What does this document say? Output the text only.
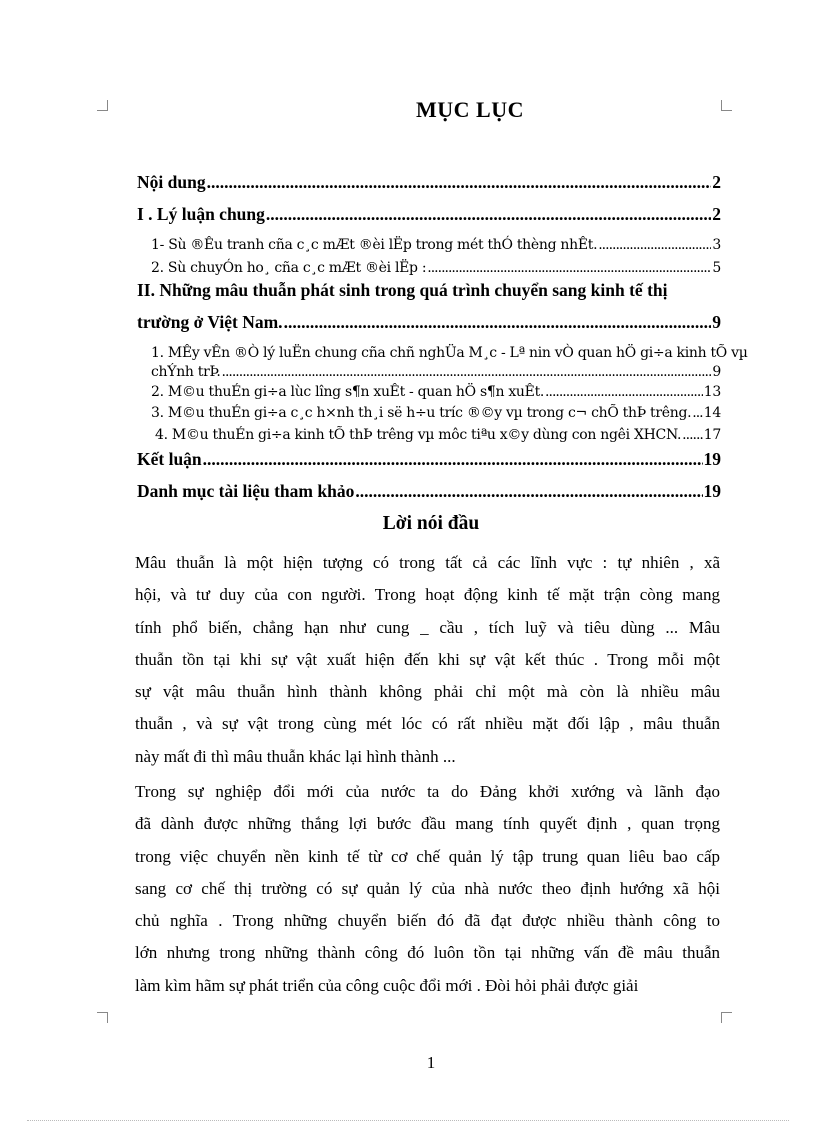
MỤC LỤC
Nội dung .....	2
I . Lý luận chung .....	2
1- Sù ®Êu tranh cña c¸c mÆt ®èi lËp trong mét thÓ thèng nhÊt. .....	3
2. Sù chuyÓn ho¸ cña c¸c mÆt ®èi lËp : .....	5
II. Những mâu thuẫn phát sinh trong quá trình chuyển sang kinh tế thị
trường ở Việt Nam. .....	9
1. MÊy vÊn ®Ò lý luËn chung cña chñ nghÜa M¸c - Lª nin vÒ quan hÖ gi÷a kinh tÕ vµ
chÝnh trÞ. .....	9
2. M©u thuÉn gi÷a lùc lîng s¶n xuÊt - quan hÖ s¶n xuÊt. .....	13
3. M©u thuÉn gi÷a c¸c h×nh th¸i së h÷u tríc ®©y vµ trong c¬ chÕ thÞ trêng. ..... 14
4. M©u thuÉn gi÷a kinh tÕ thÞ trêng vµ môc tiªu x©y dùng con ngêi XHCN. ..... 17
Kết luận .....	19
Danh mục tài liệu tham khảo .....	19
Lời nói đầu
Mâu thuẫn là một hiện tượng có trong tất cả các lĩnh vực : tự nhiên , xã
hội, và tư duy của con người. Trong hoạt động kinh tế mặt trận còng mang
tính phổ biến, chẳng hạn như cung _ cầu , tích luỹ và tiêu dùng ... Mâu
thuẫn tồn tại khi sự vật xuất hiện đến khi sự vật kết thúc . Trong mỗi một
sự vật mâu thuẫn hình thành không phải chỉ một mà còn là nhiều mâu
thuẫn , và sự vật trong cùng mét lóc có rất nhiều mặt đối lập , mâu thuẫn
này mất đi thì mâu thuẫn khác lại hình thành ...
Trong sự nghiệp đổi mới của nước ta do Đảng khởi xướng và lãnh đạo
đã dành được những thắng lợi bước đầu mang tính quyết định , quan trọng
trong việc chuyển nền kinh tế từ cơ chế quản lý tập trung quan liêu bao cấp
sang cơ chế thị trường có sự quản lý của nhà nước theo định hướng xã hội
chủ nghĩa . Trong những chuyển biến đó đã đạt được nhiều thành công to
lớn nhưng trong những thành công đó luôn tồn tại những vấn đề mâu thuẫn
làm kìm hãm sự phát triển của công cuộc đổi mới . Đòi hỏi phải được giải
1
